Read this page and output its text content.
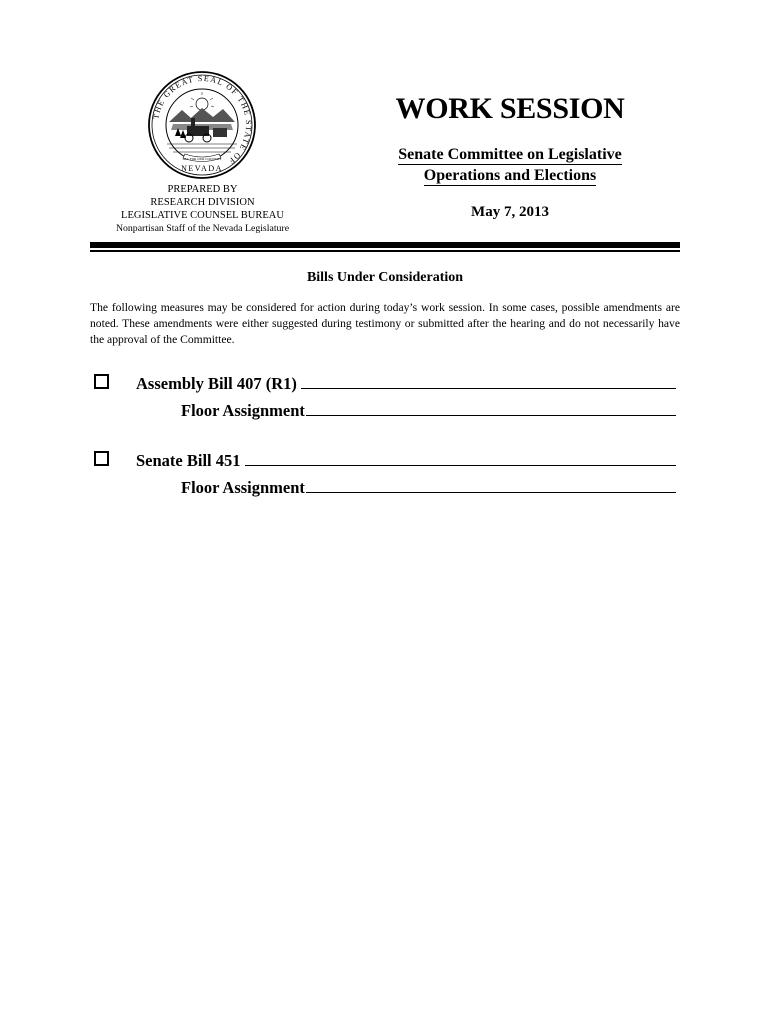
THE GREAT SEAL OF THE STATE OF
NEVADA
ALL FOR OUR COUNTRY
PREPARED BY
RESEARCH DIVISION
LEGISLATIVE COUNSEL BUREAU
Nonpartisan Staff of the Nevada Legislature
WORK SESSION
Senate Committee on Legislative
Operations and Elections
May 7, 2013
Bills Under Consideration
The following measures may be considered for action during today’s work session. In some cases, possible amendments are noted. These amendments were either suggested during testimony or submitted after the hearing and do not necessarily have the approval of the Committee.
Assembly Bill 407 (R1)
Floor Assignment
Senate Bill 451
Floor Assignment
